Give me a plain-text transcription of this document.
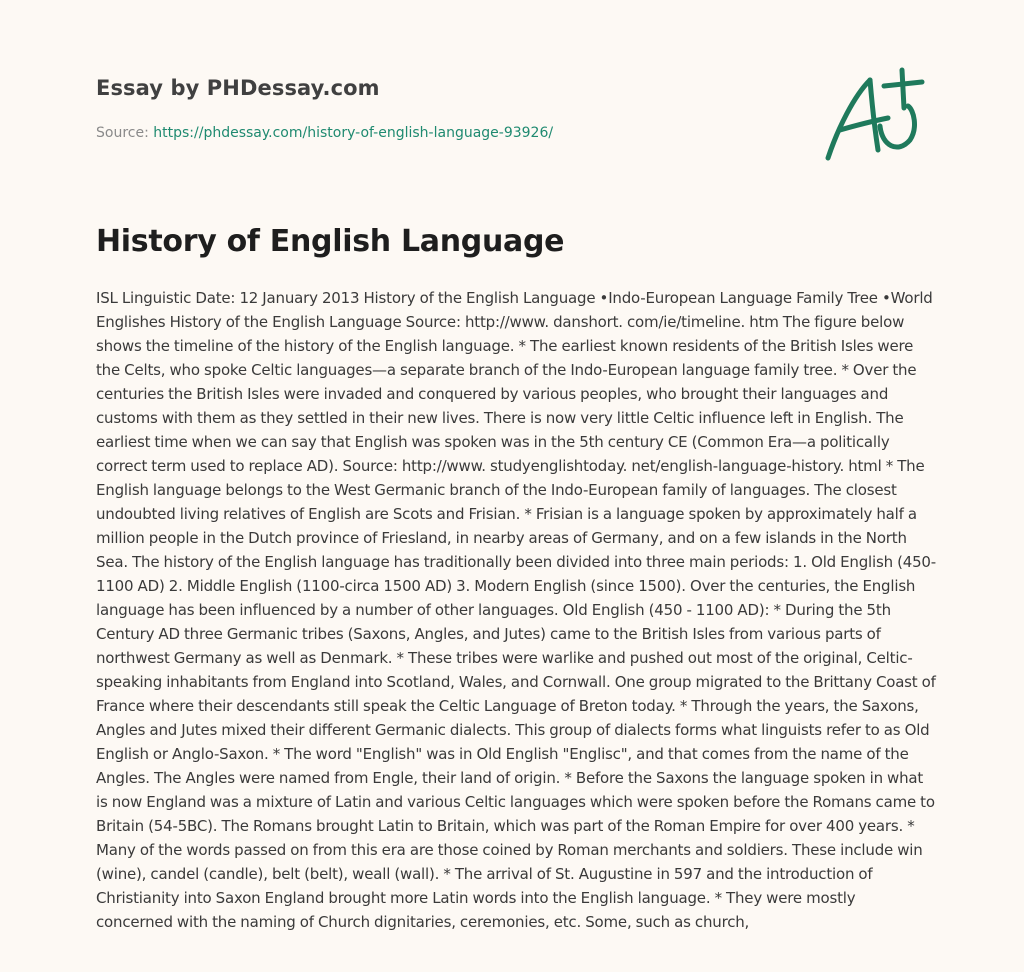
Essay by PHDessay.com
Source: https://phdessay.com/history-of-english-language-93926/
History of English Language

ISL Linguistic Date: 12 January 2013 History of the English Language •Indo-European Language Family Tree •World Englishes History of the English Language Source: http://www. danshort. com/ie/timeline. htm The figure below shows the timeline of the history of the English language. * The earliest known residents of the British Isles were the Celts, who spoke Celtic languages—a separate branch of the Indo-European language family tree. * Over the centuries the British Isles were invaded and conquered by various peoples, who brought their languages and customs with them as they settled in their new lives. There is now very little Celtic influence left in English. The earliest time when we can say that English was spoken was in the 5th century CE (Common Era—a politically correct term used to replace AD). Source: http://www. studyenglishtoday. net/english-language-history. html * The English language belongs to the West Germanic branch of the Indo-European family of languages. The closest undoubted living relatives of English are Scots and Frisian. * Frisian is a language spoken by approximately half a million people in the Dutch province of Friesland, in nearby areas of Germany, and on a few islands in the North Sea. The history of the English language has traditionally been divided into three main periods: 1. Old English (450-1100 AD) 2. Middle English (1100-circa 1500 AD) 3. Modern English (since 1500). Over the centuries, the English language has been influenced by a number of other languages. Old English (450 - 1100 AD): * During the 5th Century AD three Germanic tribes (Saxons, Angles, and Jutes) came to the British Isles from various parts of northwest Germany as well as Denmark. * These tribes were warlike and pushed out most of the original, Celtic-speaking inhabitants from England into Scotland, Wales, and Cornwall. One group migrated to the Brittany Coast of France where their descendants still speak the Celtic Language of Breton today. * Through the years, the Saxons, Angles and Jutes mixed their different Germanic dialects. This group of dialects forms what linguists refer to as Old English or Anglo-Saxon. * The word "English" was in Old English "Englisc", and that comes from the name of the Angles. The Angles were named from Engle, their land of origin. * Before the Saxons the language spoken in what is now England was a mixture of Latin and various Celtic languages which were spoken before the Romans came to Britain (54-5BC). The Romans brought Latin to Britain, which was part of the Roman Empire for over 400 years. * Many of the words passed on from this era are those coined by Roman merchants and soldiers. These include win (wine), candel (candle), belt (belt), weall (wall). * The arrival of St. Augustine in 597 and the introduction of Christianity into Saxon England brought more Latin words into the English language. * They were mostly concerned with the naming of Church dignitaries, ceremonies, etc. Some, such as church,
